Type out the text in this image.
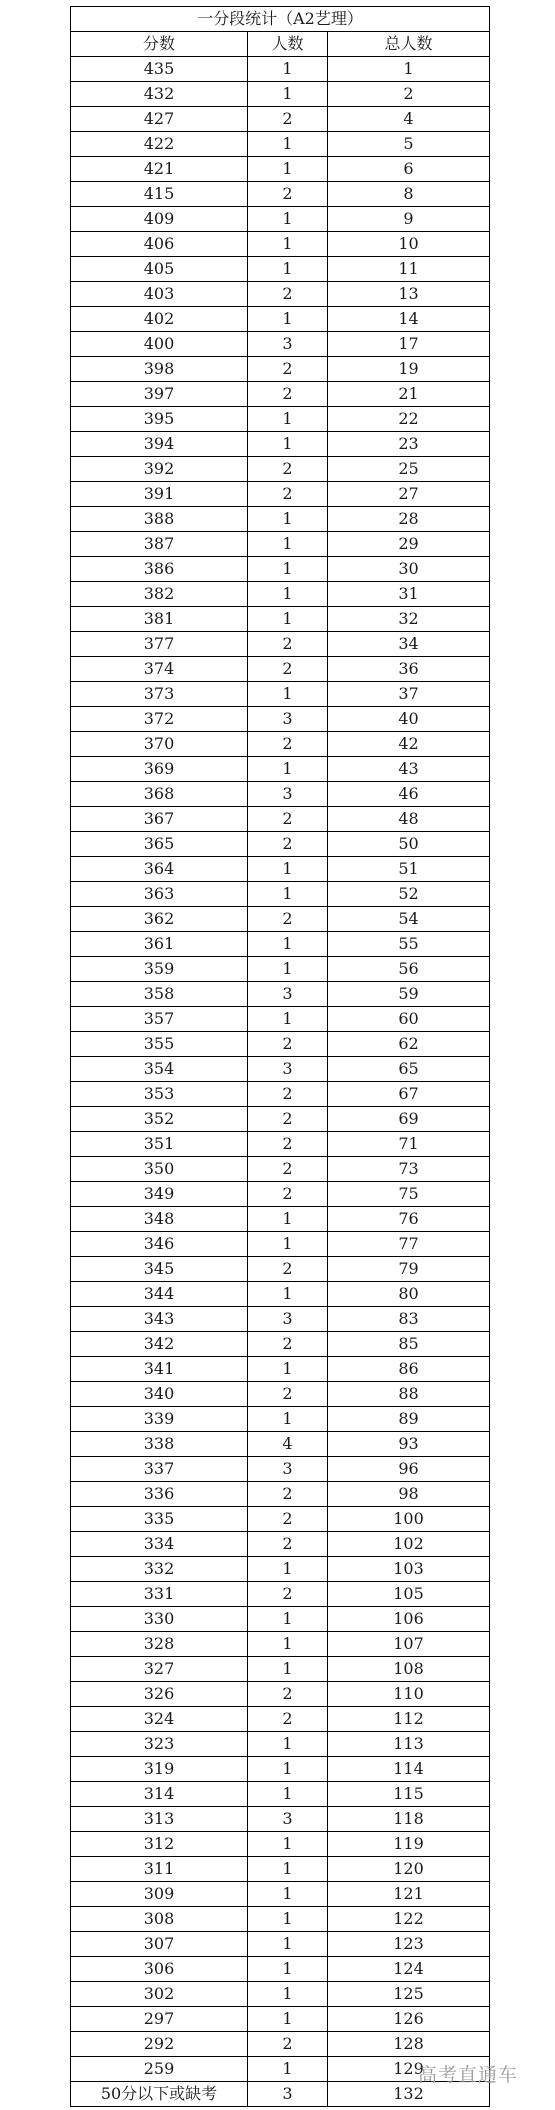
一分段统计（A2艺理）		
分数	人数	总人数
435	1	1
432	1	2
427	2	4
422	1	5
421	1	6
415	2	8
409	1	9
406	1	10
405	1	11
403	2	13
402	1	14
400	3	17
398	2	19
397	2	21
395	1	22
394	1	23
392	2	25
391	2	27
388	1	28
387	1	29
386	1	30
382	1	31
381	1	32
377	2	34
374	2	36
373	1	37
372	3	40
370	2	42
369	1	43
368	3	46
367	2	48
365	2	50
364	1	51
363	1	52
362	2	54
361	1	55
359	1	56
358	3	59
357	1	60
355	2	62
354	3	65
353	2	67
352	2	69
351	2	71
350	2	73
349	2	75
348	1	76
346	1	77
345	2	79
344	1	80
343	3	83
342	2	85
341	1	86
340	2	88
339	1	89
338	4	93
337	3	96
336	2	98
335	2	100
334	2	102
332	1	103
331	2	105
330	1	106
328	1	107
327	1	108
326	2	110
324	2	112
323	1	113
319	1	114
314	1	115
313	3	118
312	1	119
311	1	120
309	1	121
308	1	122
307	1	123
306	1	124
302	1	125
297	1	126
292	2	128
259	1	129
50分以下或缺考	3	132
高考直通车
